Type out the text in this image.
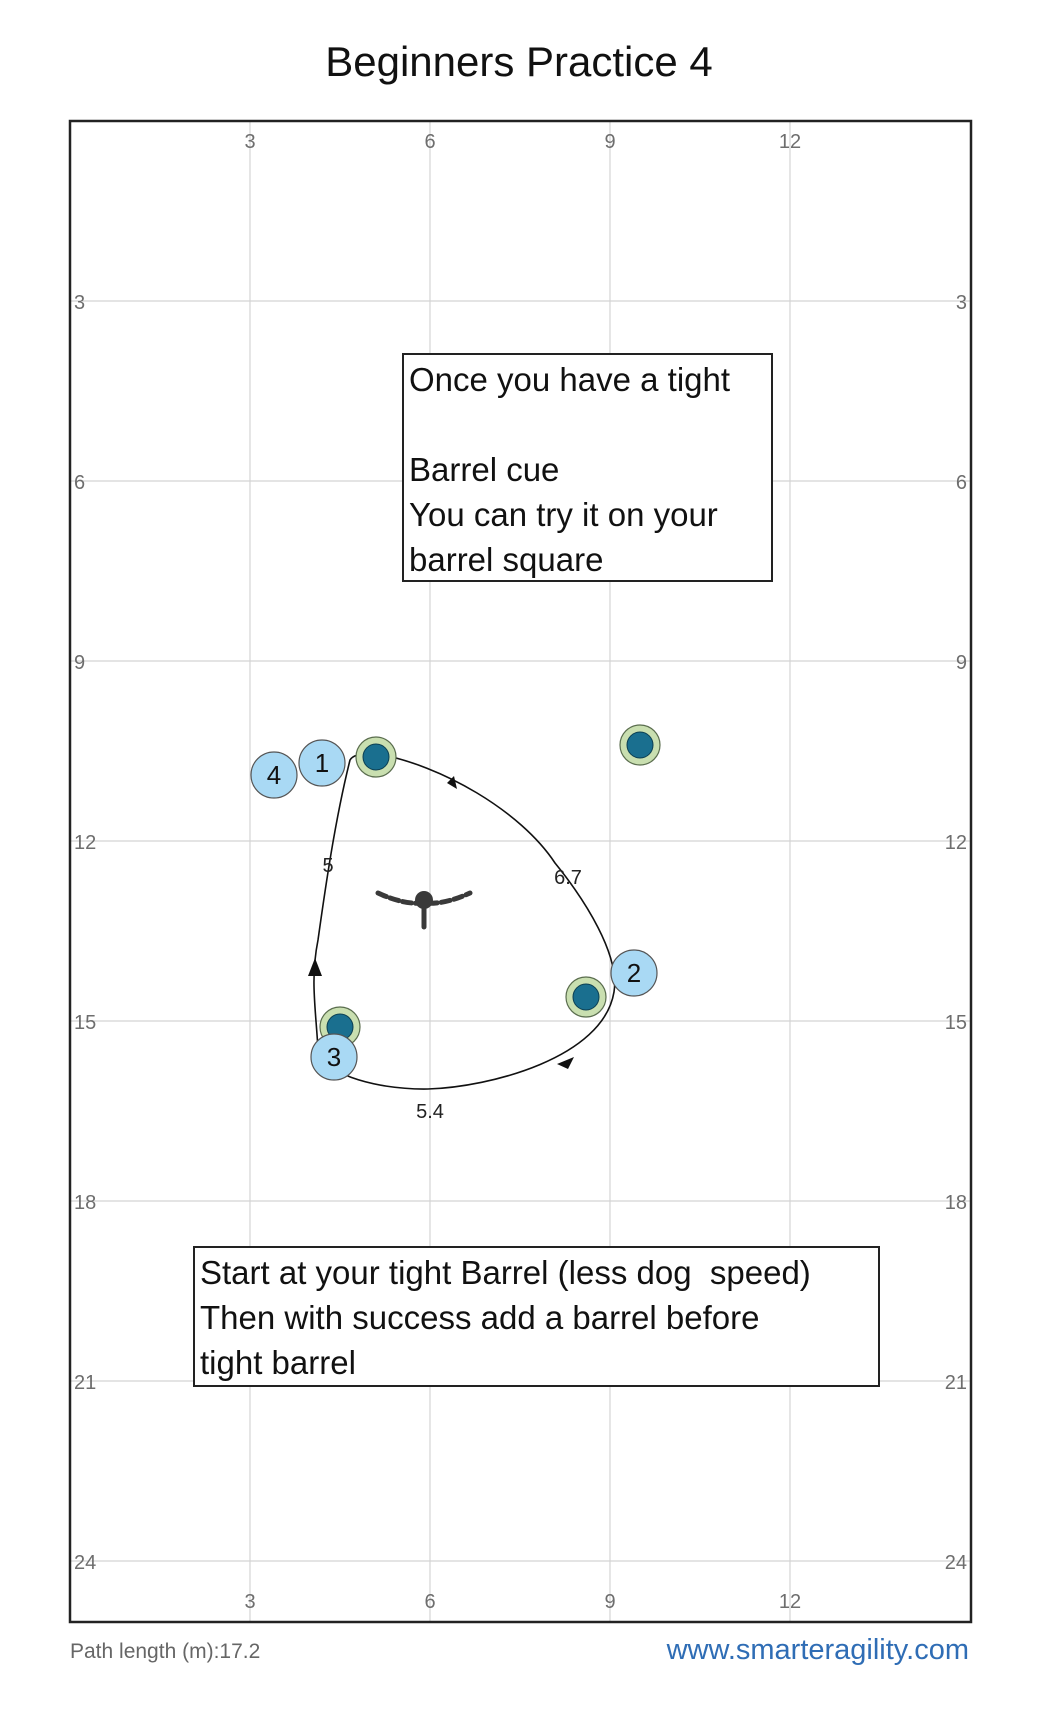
Beginners Practice 4
3
3
6
6
9
9
12
12
3	3
6	6
9	9
12	12
15	15
18	18
21	21
24	24
6.7
5.4
5
4 1
2
3
Once you have a tight
Barrel cue
You can try it on your
barrel square
Start at your tight Barrel (less dog  speed)
Then with success add a barrel before
tight barrel
Path length (m):17.2	www.smarteragility.com
